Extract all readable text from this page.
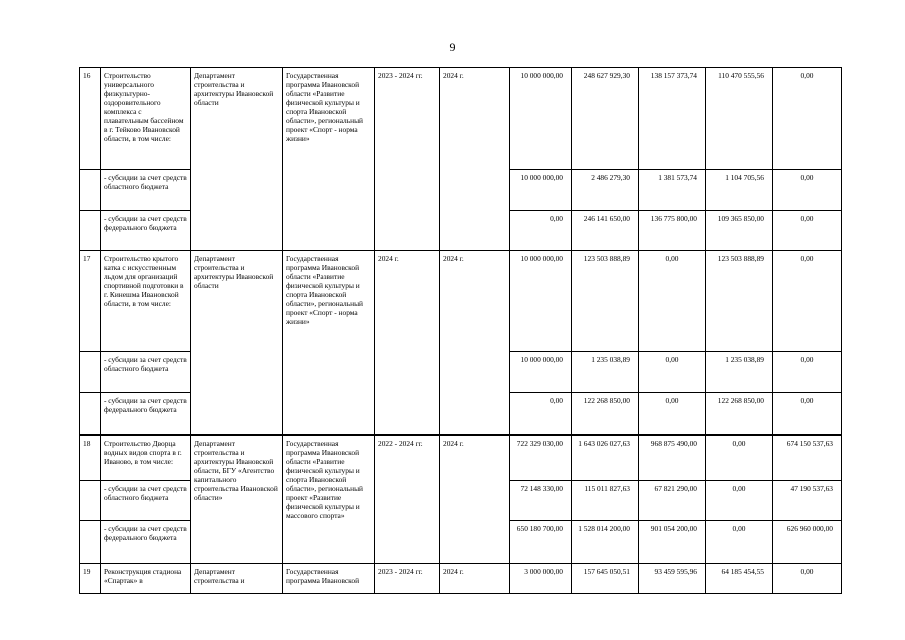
9
16	Строительство универсального физкультурно-оздоровительного комплекса с плавательным бассейном в г. Тейково Ивановской области, в том числе:	Департамент строительства и архитектуры Ивановской области	Государственная программа Ивановской области «Развитие физической культуры и спорта Ивановской области», региональный проект «Спорт - норма жизни»	2023 - 2024 гг.	2024 г.	10 000 000,00	248 627 929,30	138 157 373,74	110 470 555,56	0,00
	- субсидии за счет средств областного бюджета					10 000 000,00	2 486 279,30	1 381 573,74	1 104 705,56	0,00
	- субсидии за счет средств федерального бюджета					0,00	246 141 650,00	136 775 800,00	109 365 850,00	0,00
17	Строительство крытого катка с искусственным льдом для организаций спортивной подготовки в г. Кинешма Ивановской области, в том числе:	Департамент строительства и архитектуры Ивановской области	Государственная программа Ивановской области «Развитие физической культуры и спорта Ивановской области», региональный проект «Спорт - норма жизни»	2024 г.	2024 г.	10 000 000,00	123 503 888,89	0,00	123 503 888,89	0,00
	- субсидии за счет средств областного бюджета					10 000 000,00	1 235 038,89	0,00	1 235 038,89	0,00
	- субсидии за счет средств федерального бюджета					0,00	122 268 850,00	0,00	122 268 850,00	0,00
18	Строительство Дворца водных видов спорта в г. Иваново, в том числе:	Департамент строительства и архитектуры Ивановской области, БГУ «Агентство капитального строительства Ивановской области»	Государственная программа Ивановской области «Развитие физической культуры и спорта Ивановской области», региональный проект «Развитие физической культуры и массового спорта»	2022 - 2024 гг.	2024 г.	722 329 030,00	1 643 026 027,63	968 875 490,00	0,00	674 150 537,63
	- субсидии за счет средств областного бюджета					72 148 330,00	115 011 827,63	67 821 290,00	0,00	47 190 537,63
	- субсидии за счет средств федерального бюджета					650 180 700,00	1 528 014 200,00	901 054 200,00	0,00	626 960 000,00
19	Реконструкция стадиона «Спартак» в	Департамент строительства и	Государственная программа Ивановской	2023 - 2024 гг.	2024 г.	3 000 000,00	157 645 050,51	93 459 595,96	64 185 454,55	0,00
